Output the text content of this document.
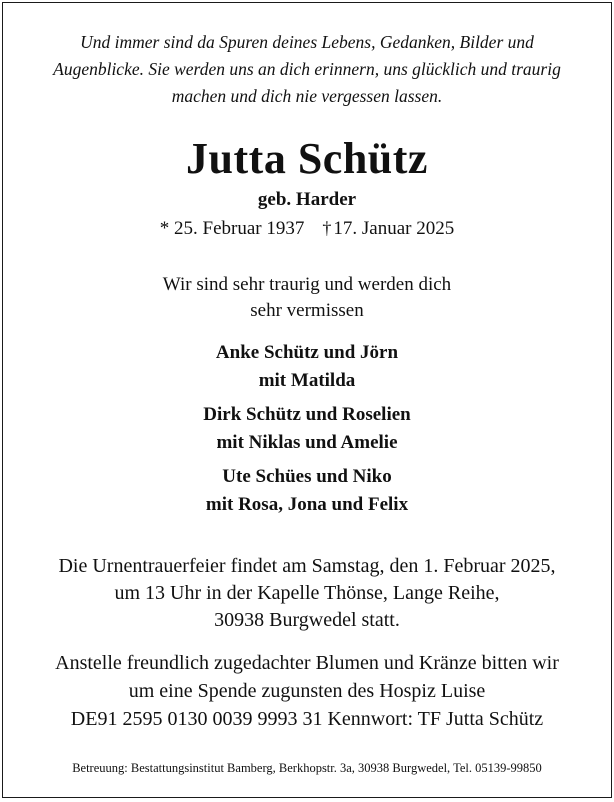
Und immer sind da Spuren deines Lebens, Gedanken, Bilder und
Augenblicke. Sie werden uns an dich erinnern, uns glücklich und traurig
machen und dich nie vergessen lassen.
Jutta Schütz
geb. Harder
* 25. Februar 1937 † 17. Januar 2025
Wir sind sehr traurig und werden dich
sehr vermissen
Anke Schütz und Jörn
mit Matilda
Dirk Schütz und Roselien
mit Niklas und Amelie
Ute Schües und Niko
mit Rosa, Jona und Felix
Die Urnentrauerfeier findet am Samstag, den 1. Februar 2025,
um 13 Uhr in der Kapelle Thönse, Lange Reihe,
30938 Burgwedel statt.
Anstelle freundlich zugedachter Blumen und Kränze bitten wir
um eine Spende zugunsten des Hospiz Luise
DE91 2595 0130 0039 9993 31 Kennwort: TF Jutta Schütz
Betreuung: Bestattungsinstitut Bamberg, Berkhopstr. 3a, 30938 Burgwedel, Tel. 05139-99850
